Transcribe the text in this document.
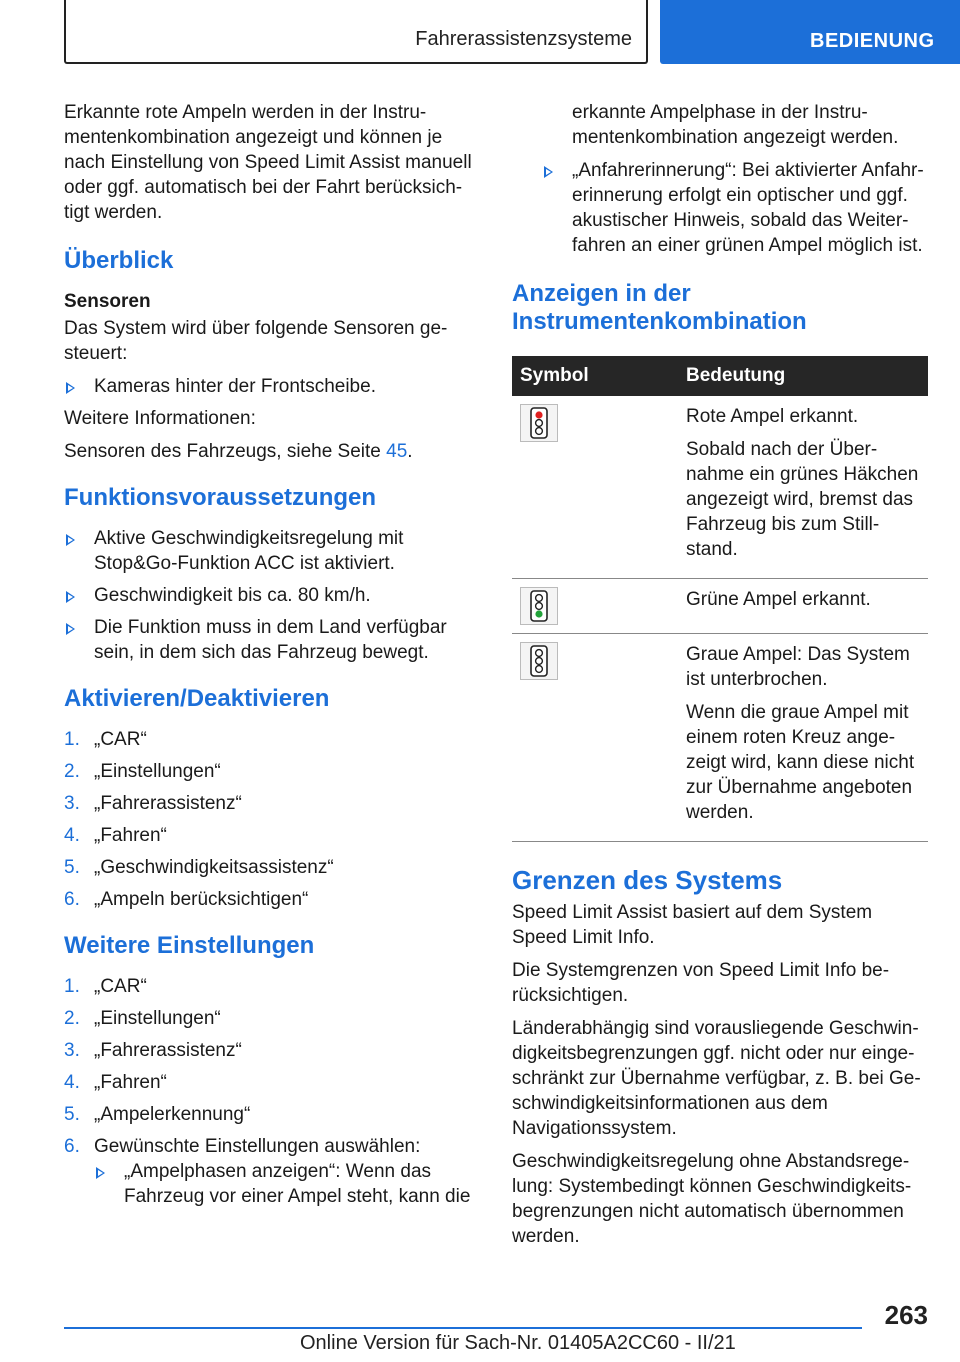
Fahrerassistenzsysteme	BEDIENUNG

Erkannte rote Ampeln werden in der Instru-mentenkombination angezeigt und können je nach Einstellung von Speed Limit Assist manuell oder ggf. automatisch bei der Fahrt berücksich-tigt werden.

Überblick
Sensoren

Das System wird über folgende Sensoren ge-steuert:

Kameras hinter der Frontscheibe.

Weitere Informationen:

Sensoren des Fahrzeugs, siehe Seite 45.

Funktionsvoraussetzungen
Aktive Geschwindigkeitsregelung mit Stop&Go-Funktion ACC ist aktiviert.
Geschwindigkeit bis ca. 80 km/h.
Die Funktion muss in dem Land verfügbar sein, in dem sich das Fahrzeug bewegt.
Aktivieren/Deaktivieren
1. „CAR“
2. „Einstellungen“
3. „Fahrerassistenz“
4. „Fahren“
5. „Geschwindigkeitsassistenz“
6. „Ampeln berücksichtigen“
Weitere Einstellungen
1. „CAR“
2. „Einstellungen“
3. „Fahrerassistenz“
4. „Fahren“
5. „Ampelerkennung“
6. Gewünschte Einstellungen auswählen:
„Ampelphasen anzeigen“: Wenn das Fahrzeug vor einer Ampel steht, kann die

erkannte Ampelphase in der Instru-mentenkombination angezeigt werden.

„Anfahrerinnerung“: Bei aktivierter Anfahr-erinnerung erfolgt ein optischer und ggf. akustischer Hinweis, sobald das Weiter-fahren an einer grünen Ampel möglich ist.
Anzeigen in der Instrumentenkombination
Symbol	Bedeutung

Rote Ampel erkannt.

Sobald nach der Über-nahme ein grünes Häkchen angezeigt wird, bremst das Fahrzeug bis zum Still-stand.

Grüne Ampel erkannt.

Graue Ampel: Das System ist unterbrochen.

Wenn die graue Ampel mit einem roten Kreuz ange-zeigt wird, kann diese nicht zur Übernahme angeboten werden.

Grenzen des Systems

Speed Limit Assist basiert auf dem System Speed Limit Info.

Die Systemgrenzen von Speed Limit Info be-rücksichtigen.

Länderabhängig sind vorausliegende Geschwin-digkeitsbegrenzungen ggf. nicht oder nur einge-schränkt zur Übernahme verfügbar, z. B. bei Ge-schwindigkeitsinformationen aus dem Navigationssystem.

Geschwindigkeitsregelung ohne Abstandsrege-lung: Systembedingt können Geschwindigkeits-begrenzungen nicht automatisch übernommen werden.

263
Online Version für Sach-Nr. 01405A2CC60 - II/21
